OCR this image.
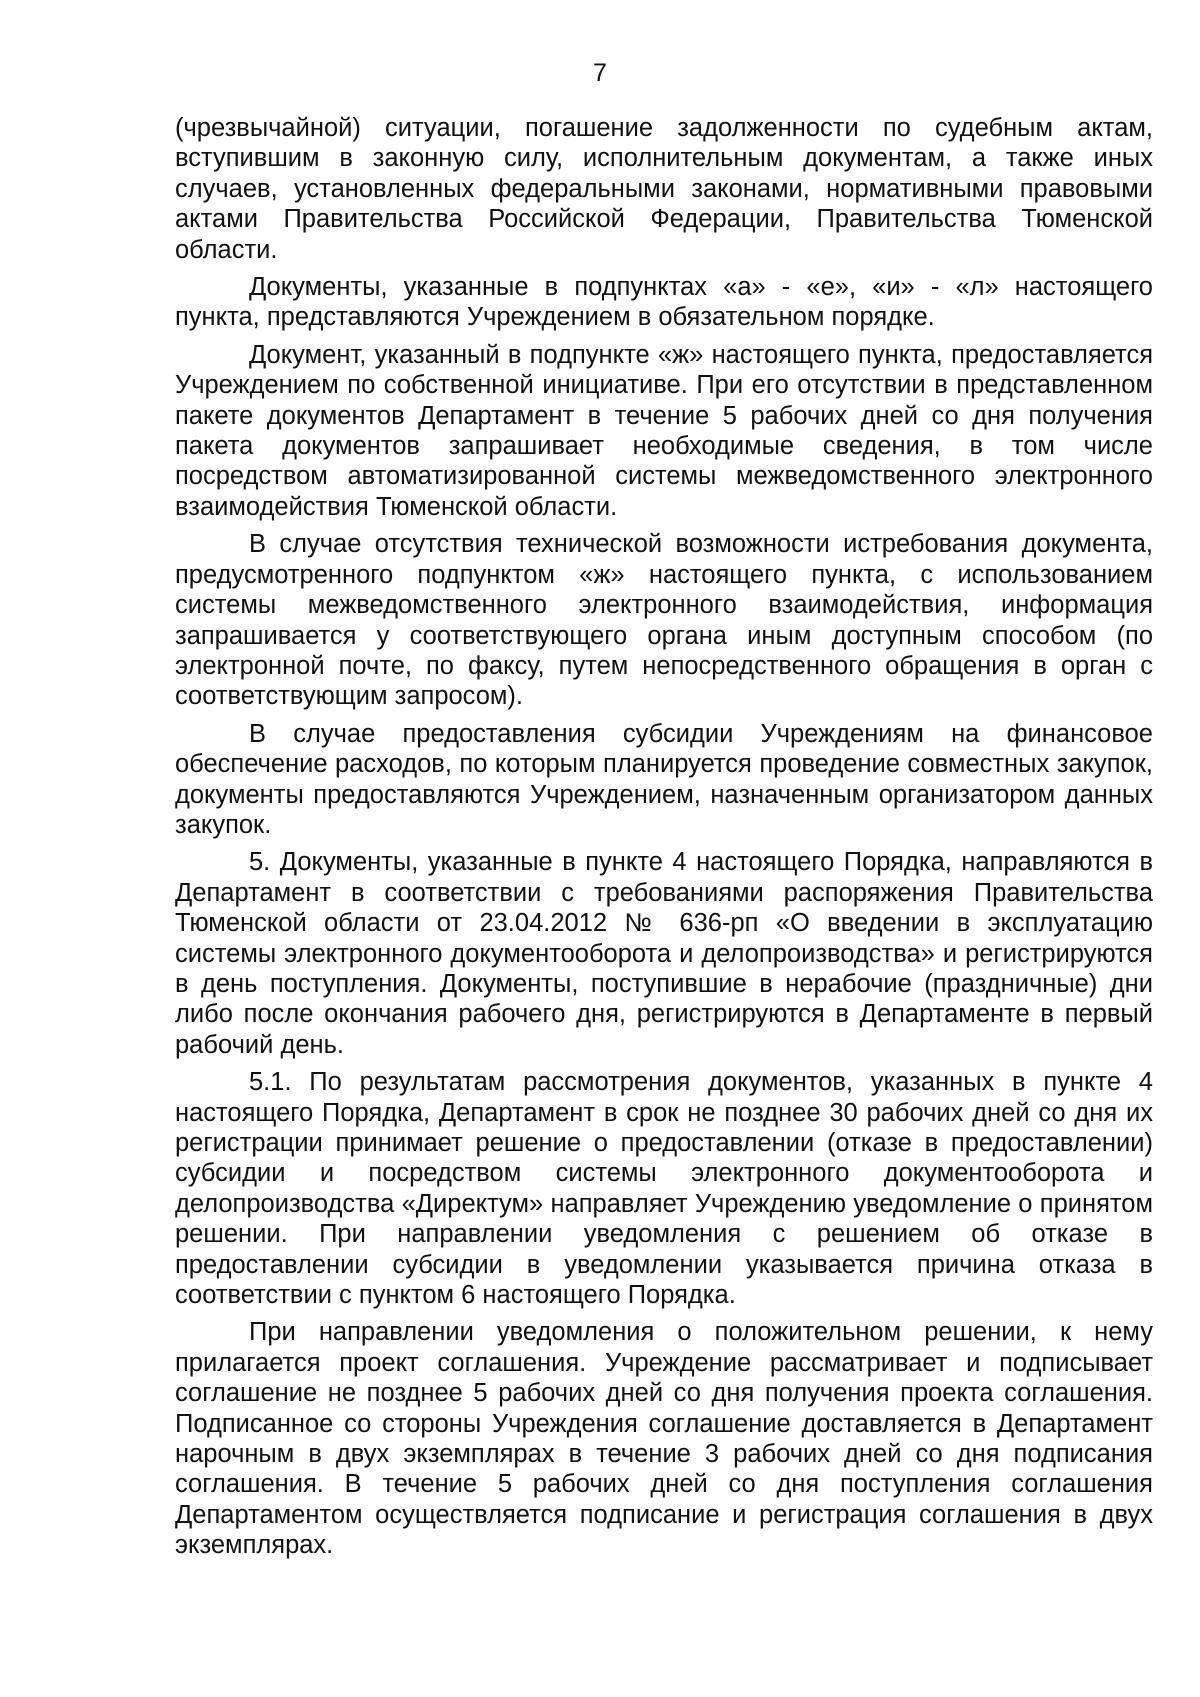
7

(чрезвычайной) ситуации, погашение задолженности по судебным актам, вступившим в законную силу, исполнительным документам, а также иных случаев, установленных федеральными законами, нормативными правовыми актами Правительства Российской Федерации, Правительства Тюменской области.

Документы, указанные в подпунктах «а» - «е», «и» - «л» настоящего пункта, представляются Учреждением в обязательном порядке.

Документ, указанный в подпункте «ж» настоящего пункта, предоставляется Учреждением по собственной инициативе. При его отсутствии в представленном пакете документов Департамент в течение 5 рабочих дней со дня получения пакета документов запрашивает необходимые сведения, в том числе посредством автоматизированной системы межведомственного электронного взаимодействия Тюменской области.

В случае отсутствия технической возможности истребования документа, предусмотренного подпунктом «ж» настоящего пункта, с использованием системы межведомственного электронного взаимодействия, информация запрашивается у соответствующего органа иным доступным способом (по электронной почте, по факсу, путем непосредственного обращения в орган с соответствующим запросом).

В случае предоставления субсидии Учреждениям на финансовое обеспечение расходов, по которым планируется проведение совместных закупок, документы предоставляются Учреждением, назначенным организатором данных закупок.

5. Документы, указанные в пункте 4 настоящего Порядка, направляются в Департамент в соответствии с требованиями распоряжения Правительства Тюменской области от 23.04.2012 № 636-рп «О введении в эксплуатацию системы электронного документооборота и делопроизводства» и регистрируются в день поступления. Документы, поступившие в нерабочие (праздничные) дни либо после окончания рабочего дня, регистрируются в Департаменте в первый рабочий день.

5.1. По результатам рассмотрения документов, указанных в пункте 4 настоящего Порядка, Департамент в срок не позднее 30 рабочих дней со дня их регистрации принимает решение о предоставлении (отказе в предоставлении) субсидии и посредством системы электронного документооборота и делопроизводства «Директум» направляет Учреждению уведомление о принятом решении. При направлении уведомления с решением об отказе в предоставлении субсидии в уведомлении указывается причина отказа в соответствии с пунктом 6 настоящего Порядка.

При направлении уведомления о положительном решении, к нему прилагается проект соглашения. Учреждение рассматривает и подписывает соглашение не позднее 5 рабочих дней со дня получения проекта соглашения. Подписанное со стороны Учреждения соглашение доставляется в Департамент нарочным в двух экземплярах в течение 3 рабочих дней со дня подписания соглашения. В течение 5 рабочих дней со дня поступления соглашения Департаментом осуществляется подписание и регистрация соглашения в двух экземплярах.
